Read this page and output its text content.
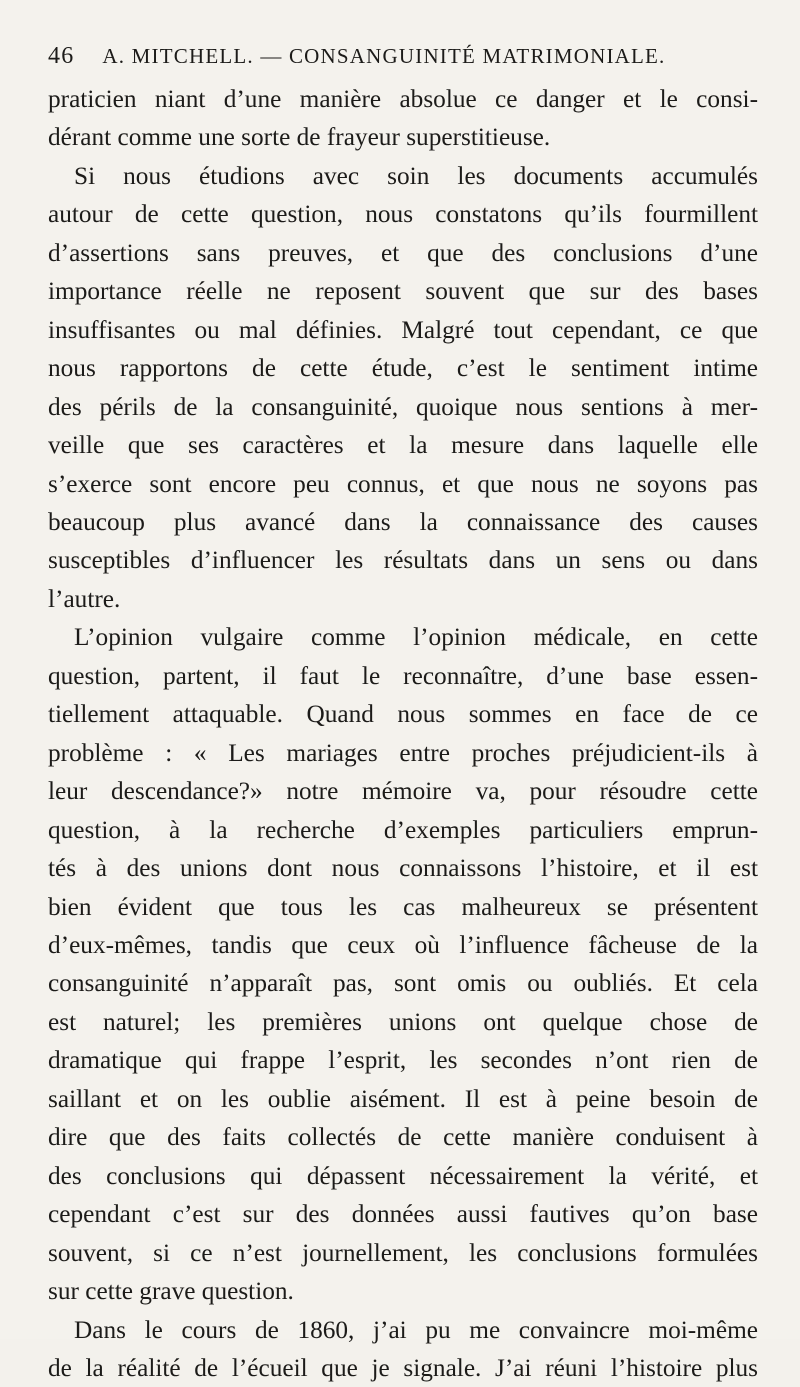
46 A. MITCHELL. — CONSANGUINITÉ MATRIMONIALE.

praticien niant d’une manière absolue ce danger et le consi-
dérant comme une sorte de frayeur superstitieuse.

Si nous étudions avec soin les documents accumulés
autour de cette question, nous constatons qu’ils fourmillent
d’assertions sans preuves, et que des conclusions d’une
importance réelle ne reposent souvent que sur des bases
insuffisantes ou mal définies. Malgré tout cependant, ce que
nous rapportons de cette étude, c’est le sentiment intime
des périls de la consanguinité, quoique nous sentions à mer-
veille que ses caractères et la mesure dans laquelle elle
s’exerce sont encore peu connus, et que nous ne soyons pas
beaucoup plus avancé dans la connaissance des causes
susceptibles d’influencer les résultats dans un sens ou dans
l’autre.

L’opinion vulgaire comme l’opinion médicale, en cette
question, partent, il faut le reconnaître, d’une base essen-
tiellement attaquable. Quand nous sommes en face de ce
problème : « Les mariages entre proches préjudicient-ils à
leur descendance?» notre mémoire va, pour résoudre cette
question, à la recherche d’exemples particuliers emprun-
tés à des unions dont nous connaissons l’histoire, et il est
bien évident que tous les cas malheureux se présentent
d’eux-mêmes, tandis que ceux où l’influence fâcheuse de la
consanguinité n’apparaît pas, sont omis ou oubliés. Et cela
est naturel; les premières unions ont quelque chose de
dramatique qui frappe l’esprit, les secondes n’ont rien de
saillant et on les oublie aisément. Il est à peine besoin de
dire que des faits collectés de cette manière conduisent à
des conclusions qui dépassent nécessairement la vérité, et
cependant c’est sur des données aussi fautives qu’on base
souvent, si ce n’est journellement, les conclusions formulées
sur cette grave question.

Dans le cours de 1860, j’ai pu me convaincre moi-même
de la réalité de l’écueil que je signale. J’ai réuni l’histoire plus
